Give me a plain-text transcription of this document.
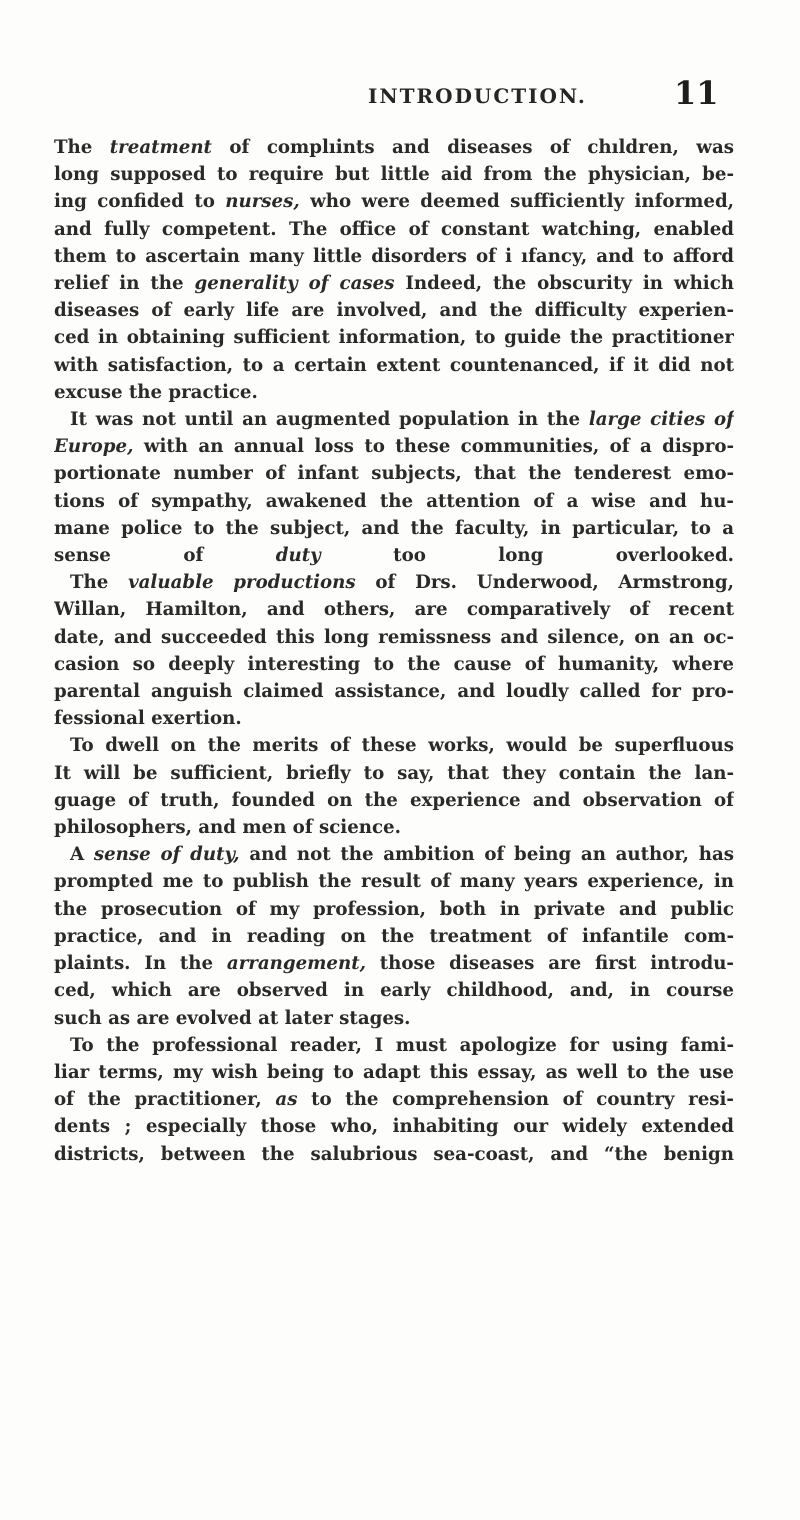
INTRODUCTION.	11
The treatment of complıints and diseases of chıldren, was
long supposed to require but little aid from the physician, be-
ing confided to nurses, who were deemed sufficiently informed,
and fully competent. The office of constant watching, enabled
them to ascertain many little disorders of i ıfancy, and to afford
relief in the generality of cases Indeed, the obscurity in which
diseases of early life are involved, and the difficulty experien-
ced in obtaining sufficient information, to guide the practitioner
with satisfaction, to a certain extent countenanced, if it did not
excuse the practice.
It was not until an augmented population in the large cities of
Europe, with an annual loss to these communities, of a dispro-
portionate number of infant subjects, that the tenderest emo-
tions of sympathy, awakened the attention of a wise and hu-
mane police to the subject, and the faculty, in particular, to a
sense of duty too long overlooked.
The valuable productions of Drs. Underwood, Armstrong,
Willan, Hamilton, and others, are comparatively of recent
date, and succeeded this long remissness and silence, on an oc-
casion so deeply interesting to the cause of humanity, where
parental anguish claimed assistance, and loudly called for pro-
fessional exertion.
To dwell on the merits of these works, would be superfluous
It will be sufficient, briefly to say, that they contain the lan-
guage of truth, founded on the experience and observation of
philosophers, and men of science.
A sense of duty, and not the ambition of being an author, has
prompted me to publish the result of many years experience, in
the prosecution of my profession, both in private and public
practice, and in reading on the treatment of infantile com-
plaints. In the arrangement, those diseases are first introdu-
ced, which are observed in early childhood, and, in course
such as are evolved at later stages.
To the professional reader, I must apologize for using fami-
liar terms, my wish being to adapt this essay, as well to the use
of the practitioner, as to the comprehension of country resi-
dents ; especially those who, inhabiting our widely extended
districts, between the salubrious sea-coast, and “the benign
